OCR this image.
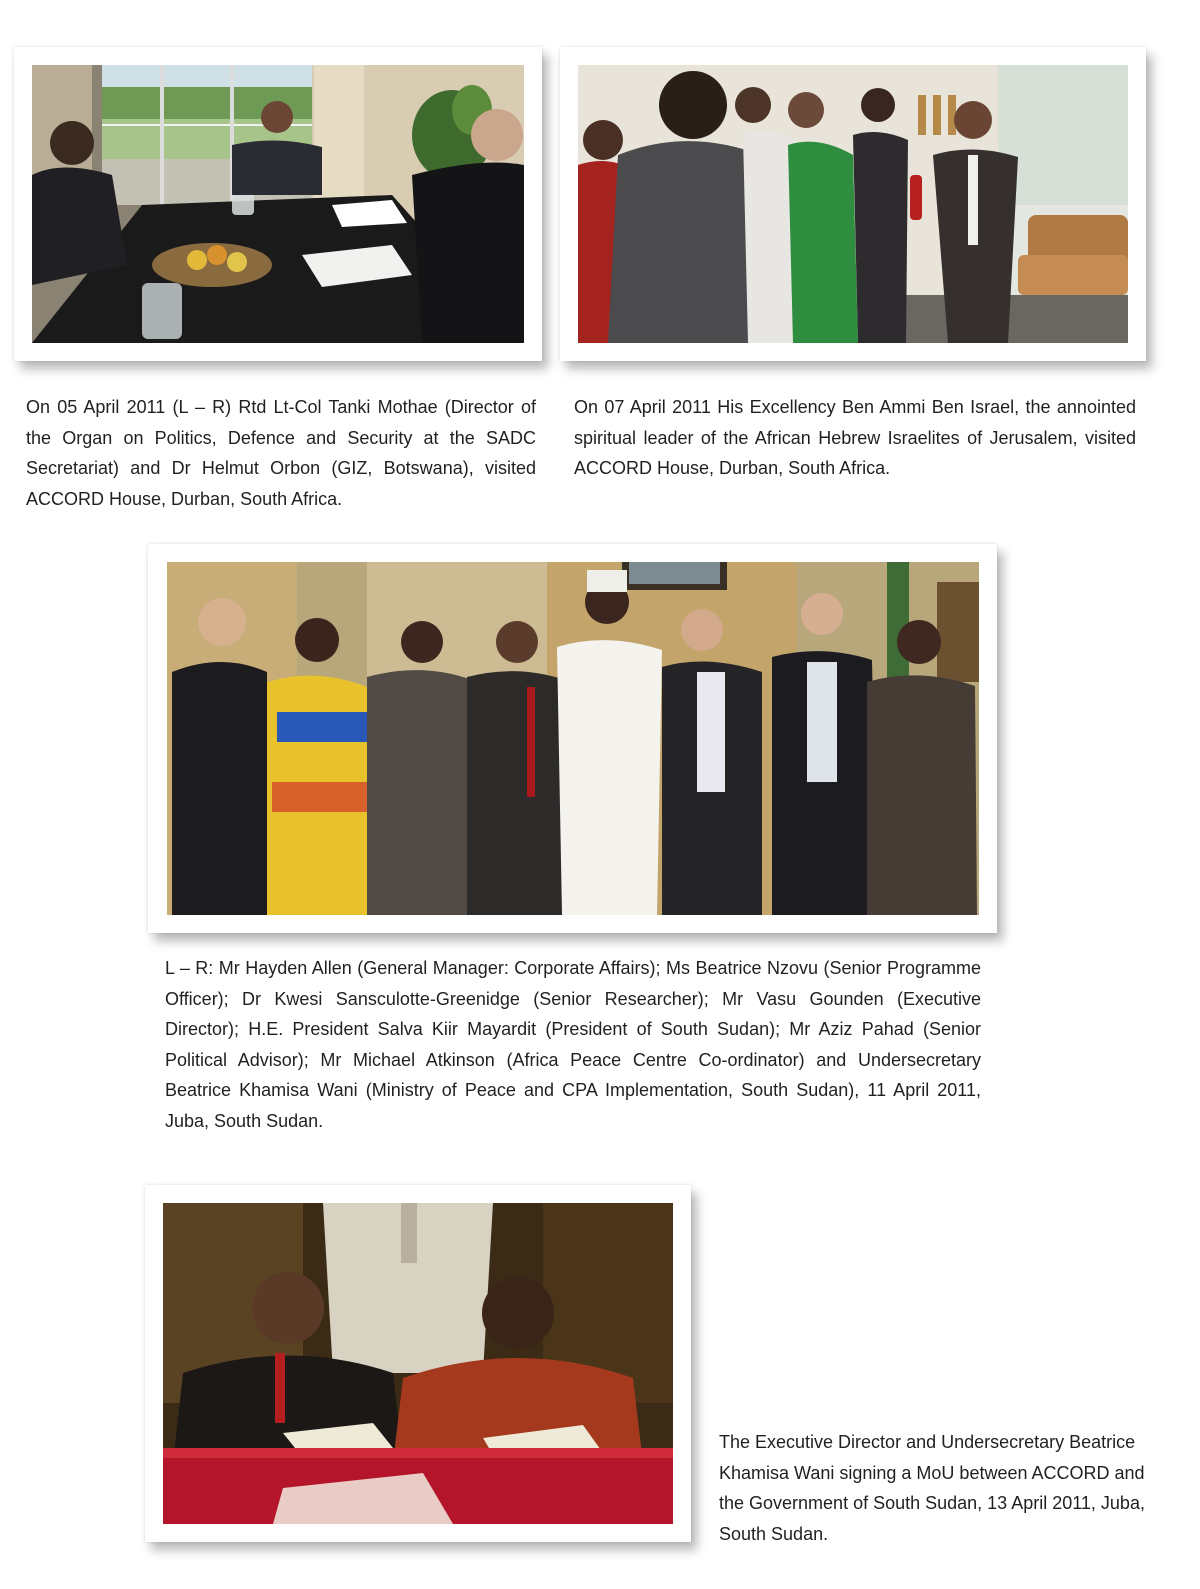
On 05 April 2011 (L – R) Rtd Lt-Col Tanki Mothae (Director of the Organ on Politics, Defence and Security at the SADC Secretariat) and Dr Helmut Orbon (GIZ, Botswana), visited ACCORD House, Durban, South Africa.

On 07 April 2011 His Excellency Ben Ammi Ben Israel, the annointed spiritual leader of the African Hebrew Israelites of Jerusalem, visited ACCORD House, Durban, South Africa.

L – R: Mr Hayden Allen (General Manager: Corporate Affairs); Ms Beatrice Nzovu (Senior Programme Officer); Dr Kwesi Sansculotte-Greenidge (Senior Researcher); Mr Vasu Gounden (Executive Director); H.E. President Salva Kiir Mayardit (President of South Sudan); Mr Aziz Pahad (Senior Political Advisor); Mr Michael Atkinson (Africa Peace Centre Co-ordinator) and Undersecretary Beatrice Khamisa Wani (Ministry of Peace and CPA Implementation, South Sudan), 11 April 2011, Juba, South Sudan.

The Executive Director and Undersecretary Beatrice Khamisa Wani signing a MoU between ACCORD and the Government of South Sudan, 13 April 2011, Juba, South Sudan.
